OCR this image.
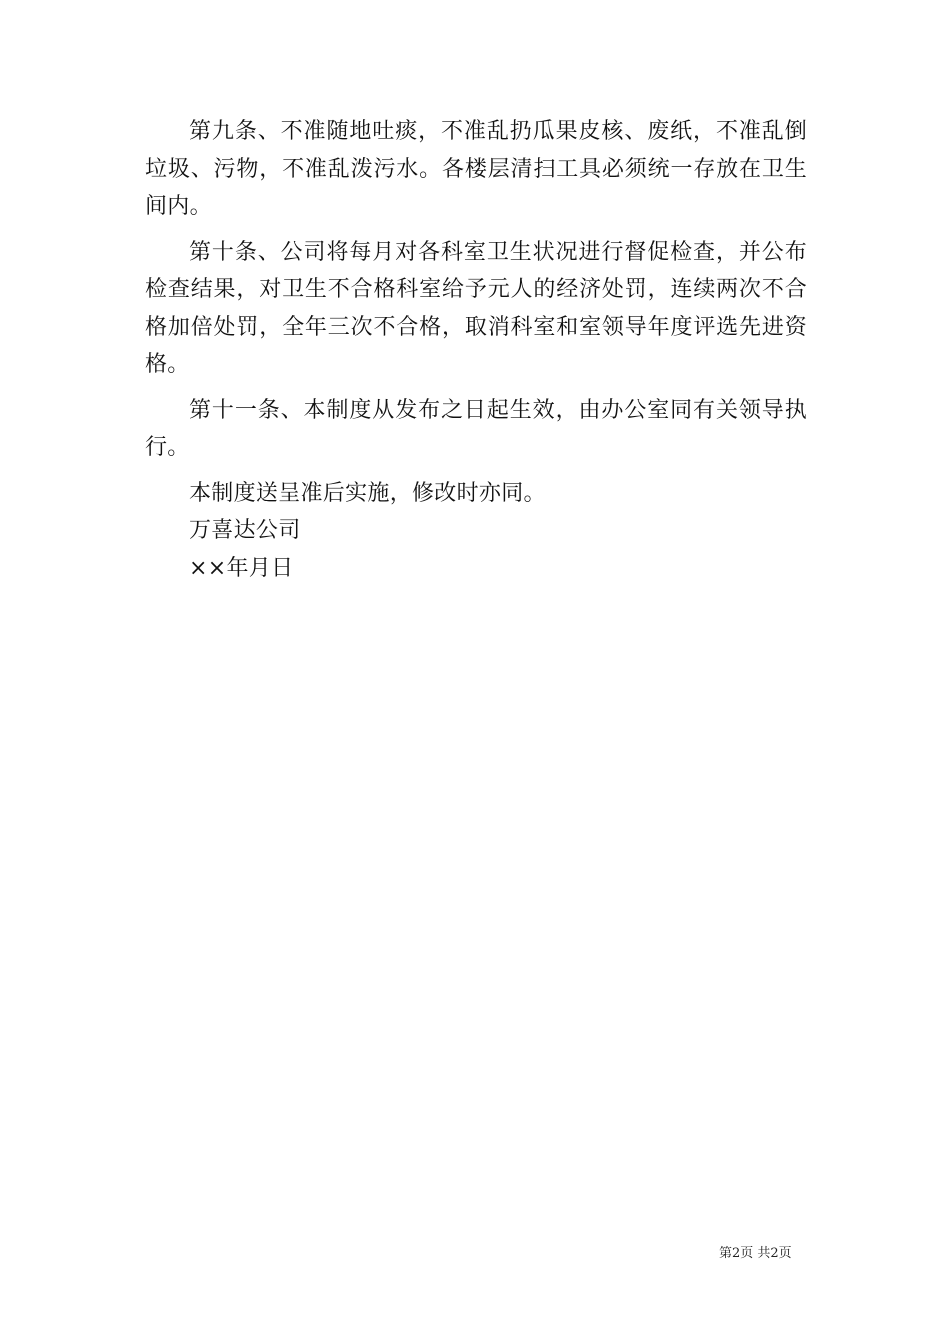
第九条、不准随地吐痰，不准乱扔瓜果皮核、废纸，不准乱倒垃圾、污物，不准乱泼污水。各楼层清扫工具必须统一存放在卫生间内。

第十条、公司将每月对各科室卫生状况进行督促检查，并公布检查结果，对卫生不合格科室给予元人的经济处罚，连续两次不合格加倍处罚，全年三次不合格，取消科室和室领导年度评选先进资格。

第十一条、本制度从发布之日起生效，由办公室同有关领导执行。

本制度送呈准后实施，修改时亦同。

万喜达公司

××年月日

第2页 共2页
